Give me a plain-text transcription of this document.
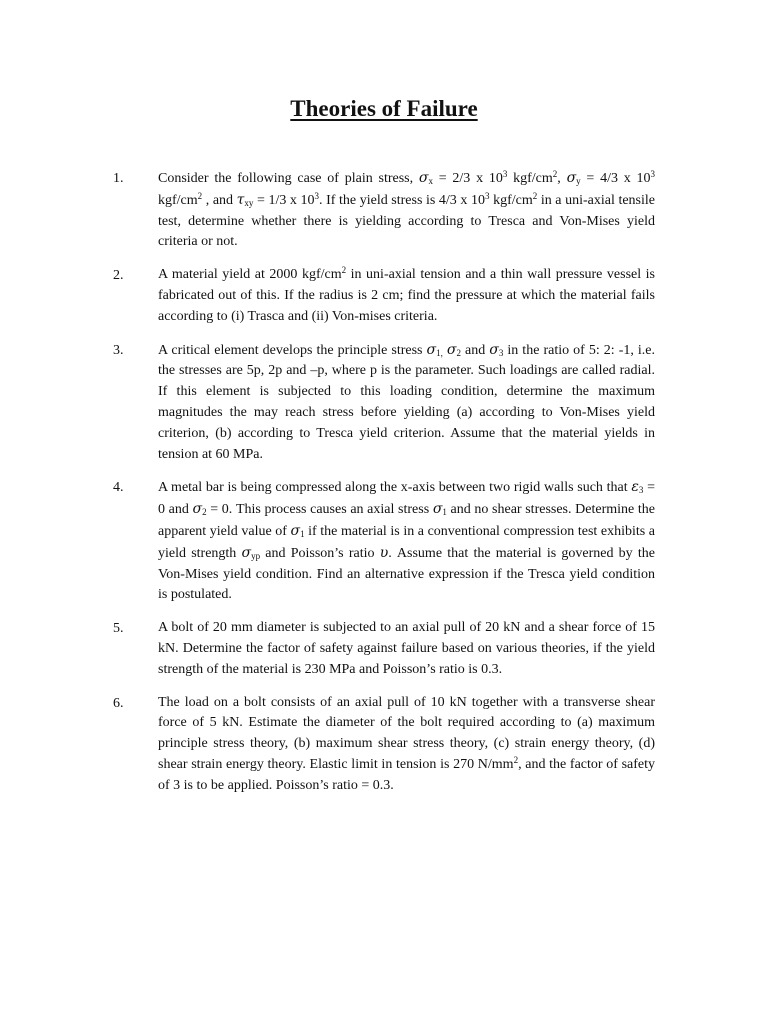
Theories of Failure
1. Consider the following case of plain stress, $\sigma_x = 2/3$ x $10^3$ kgf/$cm^2$, $\sigma_y = 4/3$ x $10^3$ kgf/$cm^2$ , and $\tau_{xy} = 1/3$ x $10^3$. If the yield stress is 4/3 x $10^3$ kgf/$cm^2$ in a uni-axial tensile test, determine whether there is yielding according to Tresca and Von-Mises yield criteria or not.
2. A material yield at 2000 kgf/$cm^2$ in uni-axial tension and a thin wall pressure vessel is fabricated out of this. If the radius is 2 cm; find the pressure at which the material fails according to (i) Trasca and (ii) Von-mises criteria.
3. A critical element develops the principle stress $\sigma_{1,}$ $\sigma_2$ and $\sigma_3$ in the ratio of 5: 2: -1, i.e. the stresses are 5p, 2p and –p, where p is the parameter. Such loadings are called radial. If this element is subjected to this loading condition, determine the maximum magnitudes the may reach stress before yielding (a) according to Von-Mises yield criterion, (b) according to Tresca yield criterion. Assume that the material yields in tension at 60 MPa.
4. A metal bar is being compressed along the x-axis between two rigid walls such that $\varepsilon_3 = 0$ and $\sigma_2 = 0$. This process causes an axial stress $\sigma_1$ and no shear stresses. Determine the apparent yield value of $\sigma_1$ if the material is in a conventional compression test exhibits a yield strength $\sigma_{yp}$ and Poisson’s ratio υ. Assume that the material is governed by the Von-Mises yield condition. Find an alternative expression if the Tresca yield condition is postulated.
5. A bolt of 20 mm diameter is subjected to an axial pull of 20 kN and a shear force of 15 kN. Determine the factor of safety against failure based on various theories, if the yield strength of the material is 230 MPa and Poisson’s ratio is 0.3.
6. The load on a bolt consists of an axial pull of 10 kN together with a transverse shear force of 5 kN. Estimate the diameter of the bolt required according to (a) maximum principle stress theory, (b) maximum shear stress theory, (c) strain energy theory, (d) shear strain energy theory. Elastic limit in tension is 270 $N/mm^2$, and the factor of safety of 3 is to be applied. Poisson’s ratio = 0.3.
